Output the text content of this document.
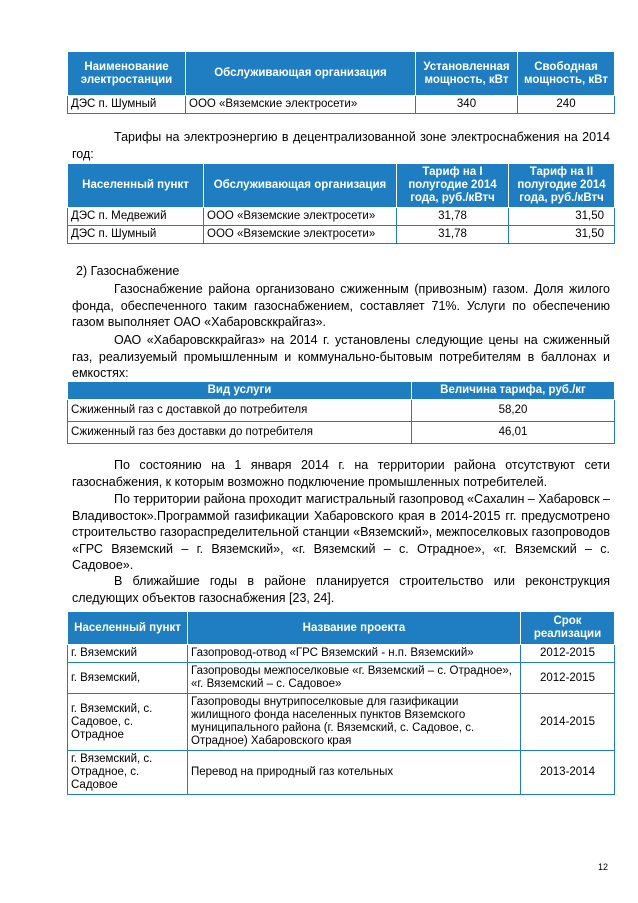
Наименование электростанции	Обслуживающая организация	Установленная мощность, кВт	Свободная мощность, кВт
ДЭС п. Шумный	ООО «Вяземские электросети»	340	240
Тарифы на электроэнергию в децентрализованной зоне электроснабжения на 2014 год:
Населенный пункт	Обслуживающая организация	Тариф на I полугодие 2014 года, руб./кВтч	Тариф на II полугодие 2014 года, руб./кВтч
ДЭС п. Медвежий	ООО «Вяземские электросети»	31,78	31,50
ДЭС п. Шумный	ООО «Вяземские электросети»	31,78	31,50
2) Газоснабжение
Газоснабжение района организовано сжиженным (привозным) газом. Доля жилого фонда, обеспеченного таким газоснабжением, составляет 71%. Услуги по обеспечению газом выполняет ОАО «Хабаровсккрайгаз».
ОАО «Хабаровсккрайгаз» на 2014 г. установлены следующие цены на сжиженный газ, реализуемый промышленным и коммунально-бытовым потребителям в баллонах и емкостях:
Вид услуги	Величина тарифа, руб./кг
Сжиженный газ с доставкой до потребителя	58,20
Сжиженный газ без доставки до потребителя	46,01
По состоянию на 1 января 2014 г. на территории района отсутствуют сети газоснабжения, к которым возможно подключение промышленных потребителей.
По территории района проходит магистральный газопровод «Сахалин – Хабаровск – Владивосток».Программой газификации Хабаровского края в 2014-2015 гг. предусмотрено строительство газораспределительной станции «Вяземский», межпоселковых газопроводов «ГРС Вяземский – г. Вяземский», «г. Вяземский – с. Отрадное», «г. Вяземский – с. Садовое».
В ближайшие годы в районе планируется строительство или реконструкция следующих объектов газоснабжения [23, 24].
Населенный пункт	Название проекта	Срок реализации
г. Вяземский	Газопровод-отвод «ГРС Вяземский - н.п. Вяземский»	2012-2015
г. Вяземский,	Газопроводы межпоселковые «г. Вяземский – с. Отрадное», «г. Вяземский – с. Садовое»	2012-2015
г. Вяземский, с. Садовое, с. Отрадное	Газопроводы внутрипоселковые для газификации жилищного фонда населенных пунктов Вяземского муниципального района (г. Вяземский, с. Садовое, с. Отрадное) Хабаровского края	2014-2015
г. Вяземский, с. Отрадное, с. Садовое	Перевод на природный газ котельных	2013-2014
12
